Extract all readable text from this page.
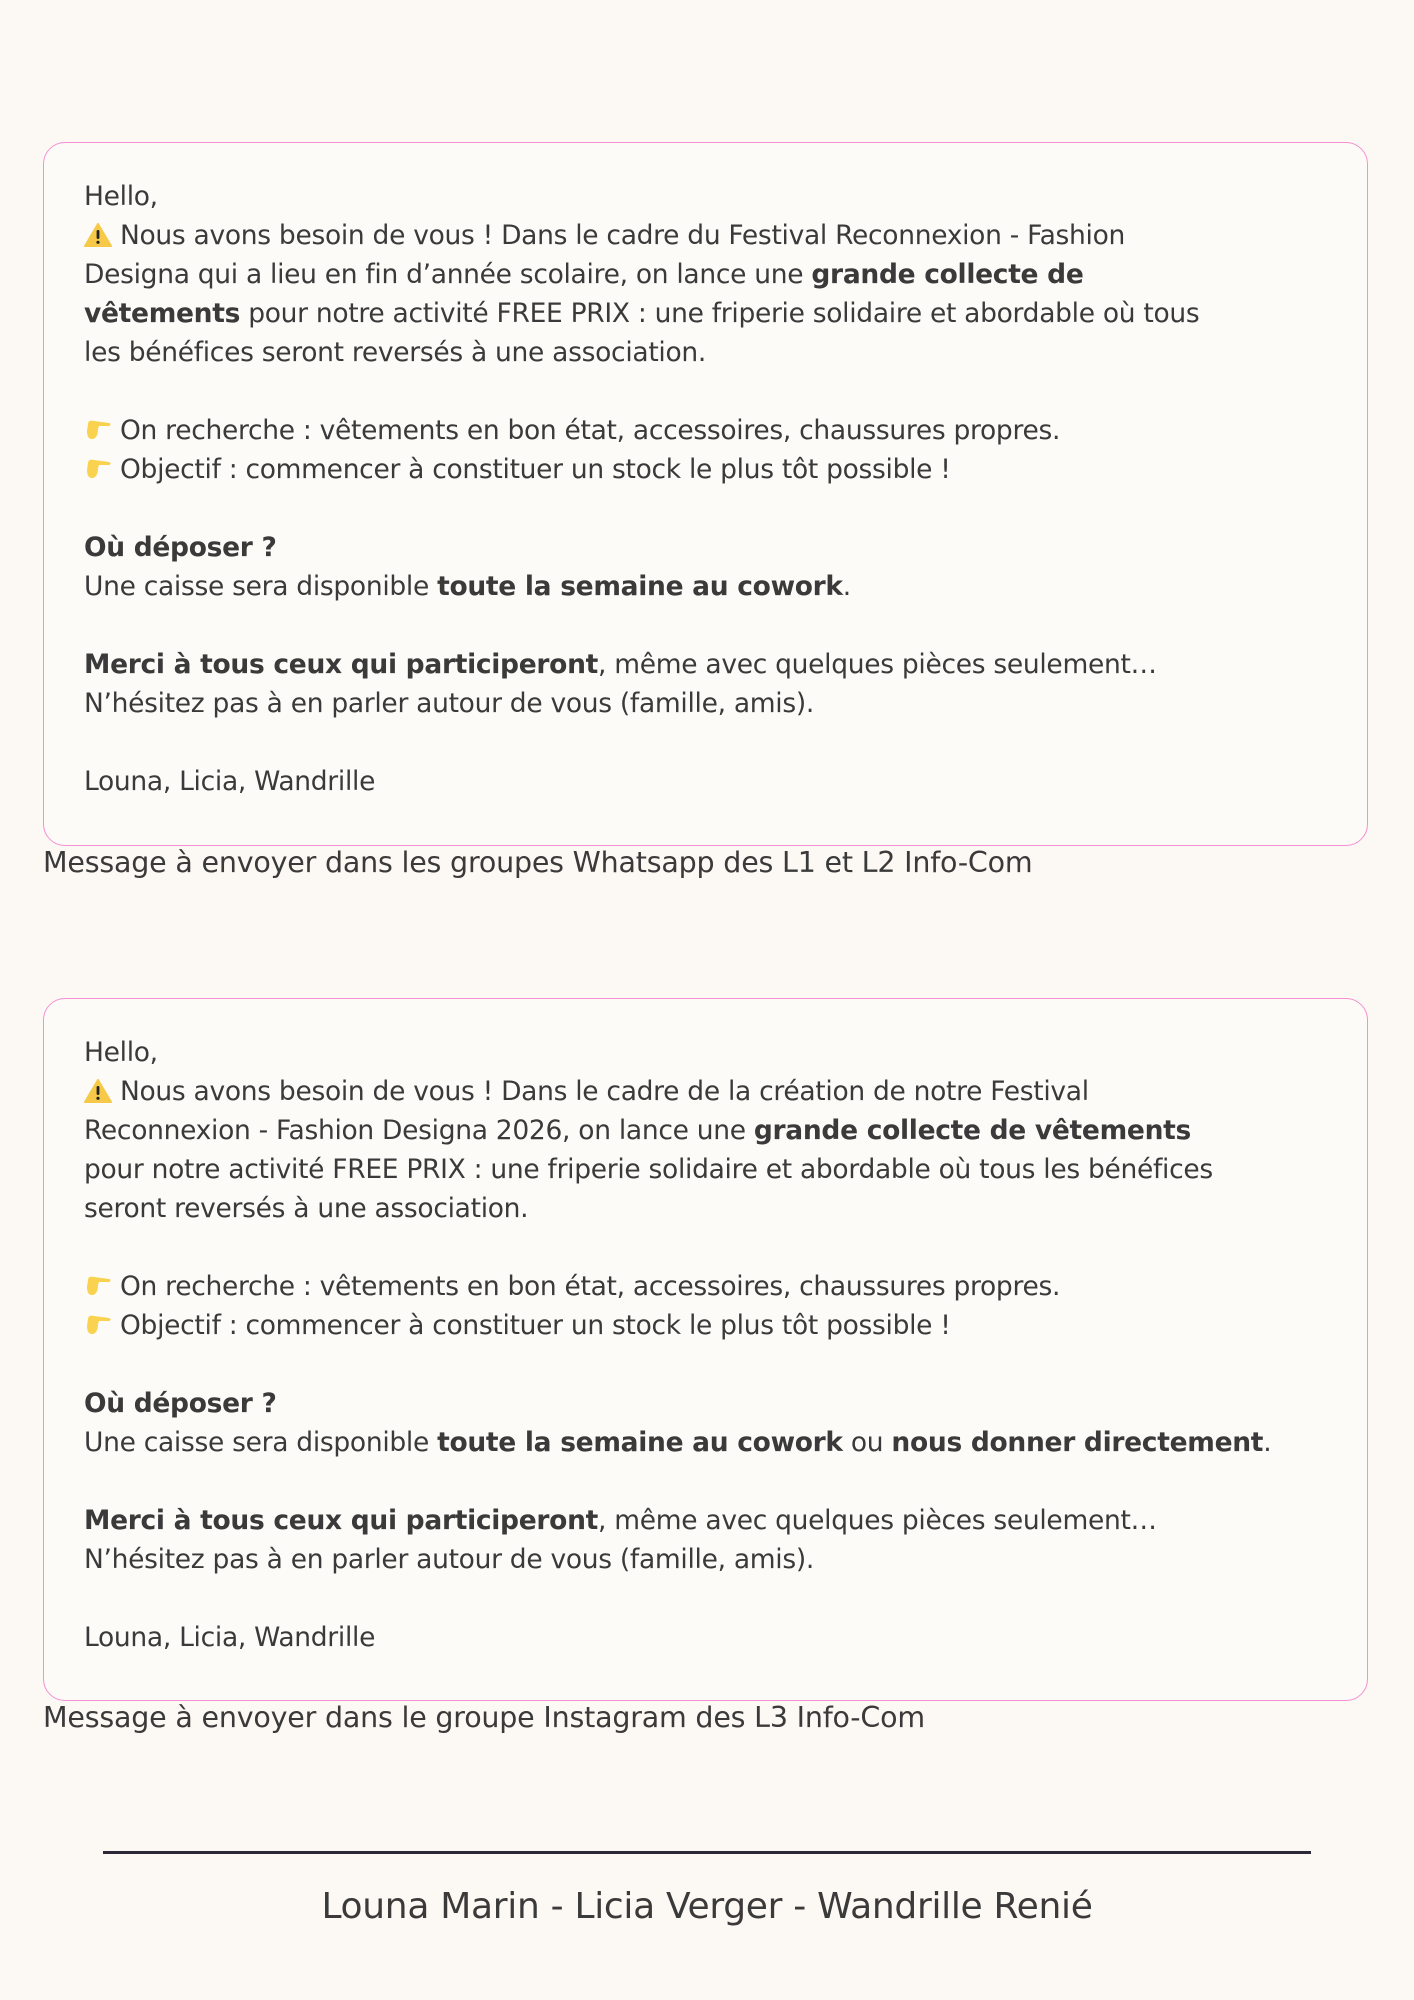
Hello,
Nous avons besoin de vous ! Dans le cadre du Festival Reconnexion - Fashion
Designa qui a lieu en fin d’année scolaire, on lance une grande collecte de
vêtements pour notre activité FREE PRIX : une friperie solidaire et abordable où tous
les bénéfices seront reversés à une association.
On recherche : vêtements en bon état, accessoires, chaussures propres.
Objectif : commencer à constituer un stock le plus tôt possible !
Où déposer ?
Une caisse sera disponible toute la semaine au cowork.
Merci à tous ceux qui participeront, même avec quelques pièces seulement…
N’hésitez pas à en parler autour de vous (famille, amis).
Louna, Licia, Wandrille
Message à envoyer dans les groupes Whatsapp des L1 et L2 Info-Com
Hello,
Nous avons besoin de vous ! Dans le cadre de la création de notre Festival
Reconnexion - Fashion Designa 2026, on lance une grande collecte de vêtements
pour notre activité FREE PRIX : une friperie solidaire et abordable où tous les bénéfices
seront reversés à une association.
On recherche : vêtements en bon état, accessoires, chaussures propres.
Objectif : commencer à constituer un stock le plus tôt possible !
Où déposer ?
Une caisse sera disponible toute la semaine au cowork ou nous donner directement.
Merci à tous ceux qui participeront, même avec quelques pièces seulement…
N’hésitez pas à en parler autour de vous (famille, amis).
Louna, Licia, Wandrille
Message à envoyer dans le groupe Instagram des L3 Info-Com
Louna Marin - Licia Verger - Wandrille Renié
